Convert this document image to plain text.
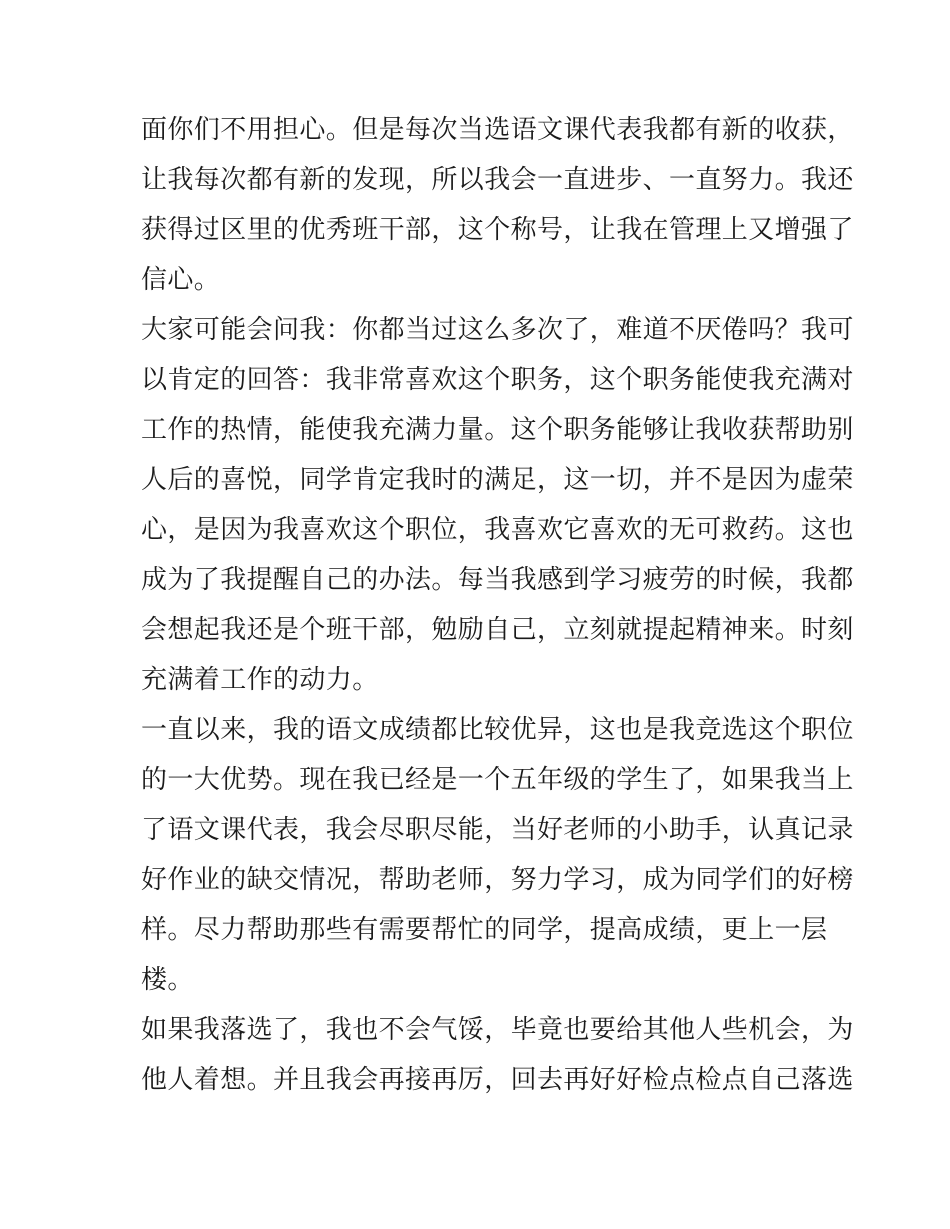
面你们不用担心。但是每次当选语文课代表我都有新的收获，
让我每次都有新的发现，所以我会一直进步、一直努力。我还
获得过区里的优秀班干部，这个称号，让我在管理上又增强了
信心。
大家可能会问我：你都当过这么多次了，难道不厌倦吗？我可
以肯定的回答：我非常喜欢这个职务，这个职务能使我充满对
工作的热情，能使我充满力量。这个职务能够让我收获帮助别
人后的喜悦，同学肯定我时的满足，这一切，并不是因为虚荣
心，是因为我喜欢这个职位，我喜欢它喜欢的无可救药。这也
成为了我提醒自己的办法。每当我感到学习疲劳的时候，我都
会想起我还是个班干部，勉励自己，立刻就提起精神来。时刻
充满着工作的动力。
一直以来，我的语文成绩都比较优异，这也是我竞选这个职位
的一大优势。现在我已经是一个五年级的学生了，如果我当上
了语文课代表，我会尽职尽能，当好老师的小助手，认真记录
好作业的缺交情况，帮助老师，努力学习，成为同学们的好榜
样。尽力帮助那些有需要帮忙的同学，提高成绩，更上一层
楼。
如果我落选了，我也不会气馁，毕竟也要给其他人些机会，为
他人着想。并且我会再接再厉，回去再好好检点检点自己落选
